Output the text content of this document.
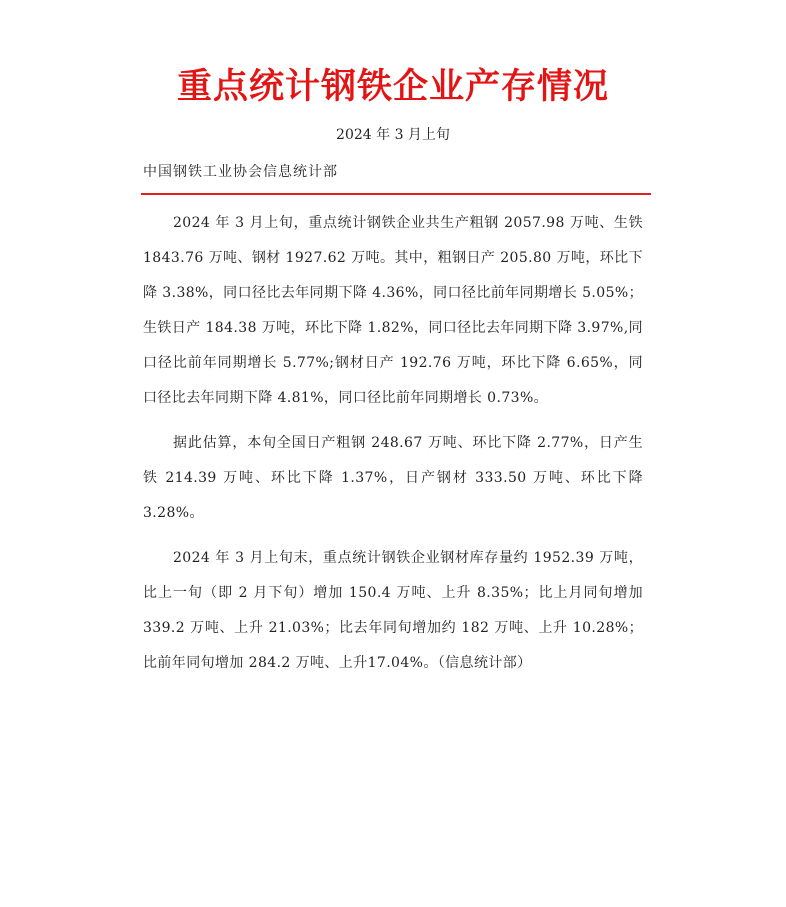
重点统计钢铁企业产存情况
2024 年 3 月上旬
中国钢铁工业协会信息统计部

2024 年 3 月上旬，重点统计钢铁企业共生产粗钢 2057.98 万吨、生铁 1843.76 万吨、钢材 1927.62 万吨。其中，粗钢日产 205.80 万吨，环比下降 3.38%，同口径比去年同期下降 4.36%，同口径比前年同期增长 5.05%；生铁日产 184.38 万吨，环比下降 1.82%，同口径比去年同期下降 3.97%,同口径比前年同期增长 5.77%;钢材日产 192.76 万吨，环比下降 6.65%，同口径比去年同期下降 4.81%，同口径比前年同期增长 0.73%。

据此估算，本旬全国日产粗钢 248.67 万吨、环比下降 2.77%，日产生铁 214.39 万吨、环比下降 1.37%，日产钢材 333.50 万吨、环比下降 3.28%。

2024 年 3 月上旬末，重点统计钢铁企业钢材库存量约 1952.39 万吨，比上一旬（即 2 月下旬）增加 150.4 万吨、上升 8.35%；比上月同旬增加 339.2 万吨、上升 21.03%；比去年同旬增加约 182 万吨、上升 10.28%；比前年同旬增加 284.2 万吨、上升17.04%。（信息统计部）
